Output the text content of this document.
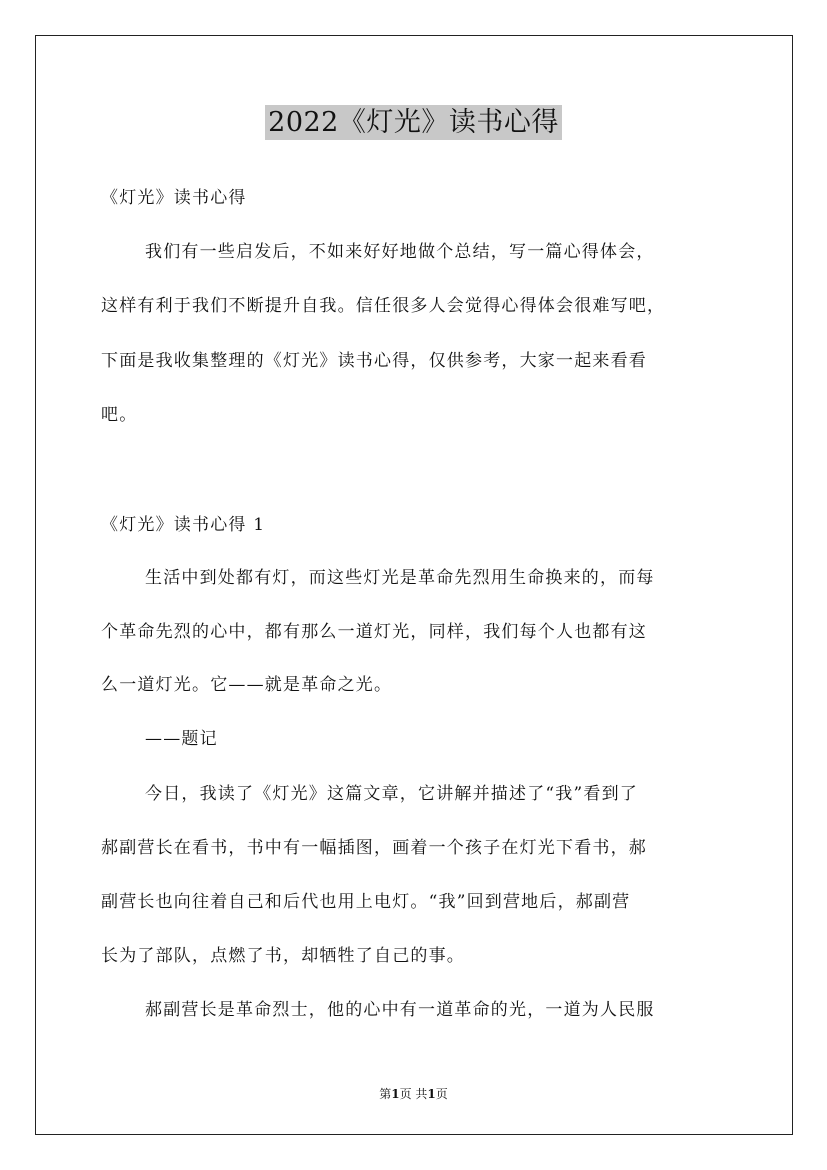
2022《灯光》读书心得
《灯光》读书心得
我们有一些启发后，不如来好好地做个总结，写一篇心得体会，
这样有利于我们不断提升自我。信任很多人会觉得心得体会很难写吧，
下面是我收集整理的《灯光》读书心得，仅供参考，大家一起来看看
吧。
《灯光》读书心得 1
生活中到处都有灯，而这些灯光是革命先烈用生命换来的，而每
个革命先烈的心中，都有那么一道灯光，同样，我们每个人也都有这
么一道灯光。它——就是革命之光。
——题记
今日，我读了《灯光》这篇文章，它讲解并描述了“我”看到了
郝副营长在看书，书中有一幅插图，画着一个孩子在灯光下看书，郝
副营长也向往着自己和后代也用上电灯。“我”回到营地后，郝副营
长为了部队，点燃了书，却牺牲了自己的事。
郝副营长是革命烈士，他的心中有一道革命的光，一道为人民服
第1页 共1页
